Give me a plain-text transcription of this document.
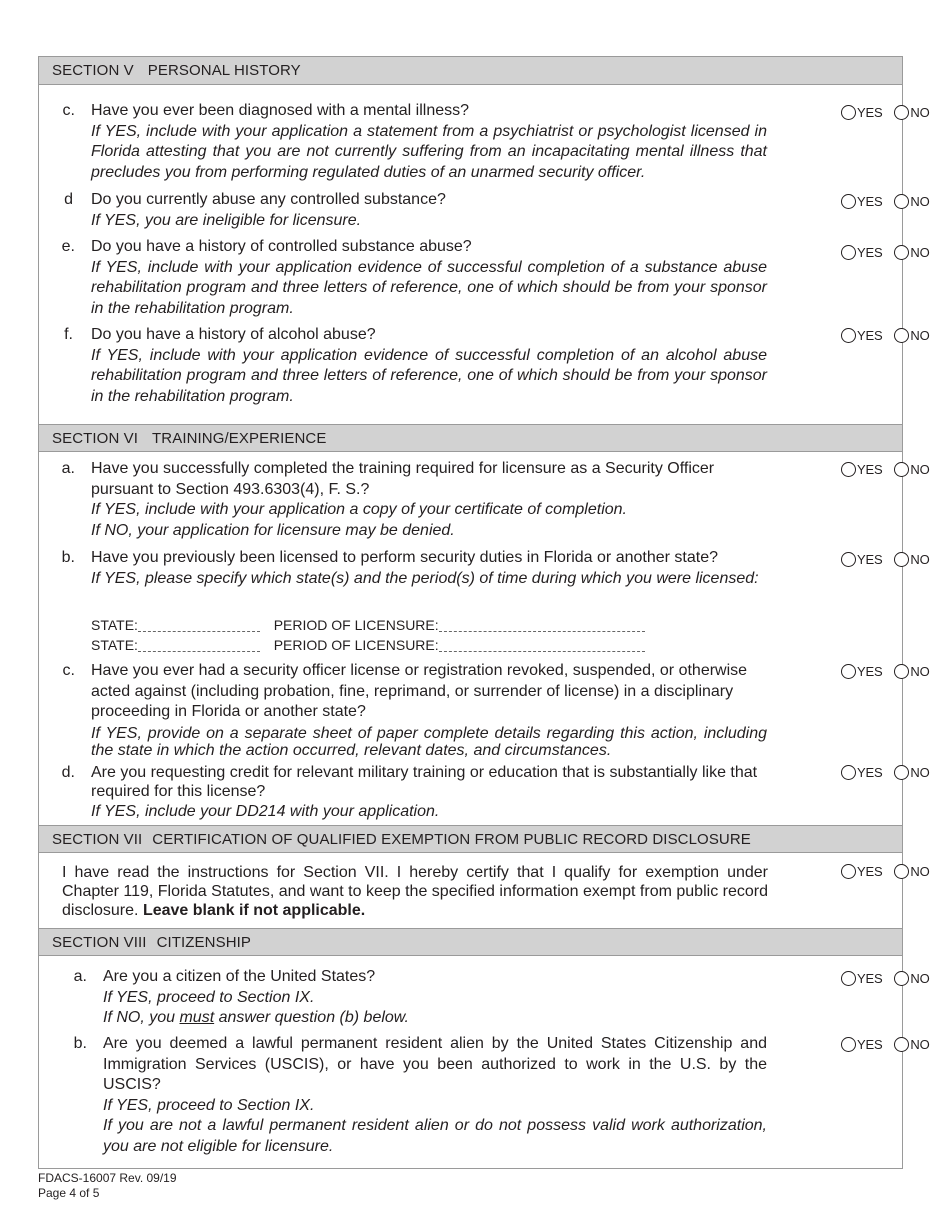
SECTION V PERSONAL HISTORY
c. Have you ever been diagnosed with a mental illness?
If YES, include with your application a statement from a psychiatrist or psychologist licensed in Florida attesting that you are not currently suffering from an incapacitating mental illness that precludes you from performing regulated duties of an unarmed security officer.
YES NO
d Do you currently abuse any controlled substance?
If YES, you are ineligible for licensure.
YES NO
e. Do you have a history of controlled substance abuse?
If YES, include with your application evidence of successful completion of a substance abuse rehabilitation program and three letters of reference, one of which should be from your sponsor in the rehabilitation program.
YES NO
f. Do you have a history of alcohol abuse?
If YES, include with your application evidence of successful completion of an alcohol abuse rehabilitation program and three letters of reference, one of which should be from your sponsor in the rehabilitation program.
YES NO
SECTION VI TRAINING/EXPERIENCE
a. Have you successfully completed the training required for licensure as a Security Officer pursuant to Section 493.6303(4), F. S.?
If YES, include with your application a copy of your certificate of completion.
If NO, your application for licensure may be denied.
YES NO
b. Have you previously been licensed to perform security duties in Florida or another state?
If YES, please specify which state(s) and the period(s) of time during which you were licensed:
YES NO
STATE:	PERIOD OF LICENSURE:
STATE:	PERIOD OF LICENSURE:
c. Have you ever had a security officer license or registration revoked, suspended, or otherwise acted against (including probation, fine, reprimand, or surrender of license) in a disciplinary proceeding in Florida or another state?
If YES, provide on a separate sheet of paper complete details regarding this action, including the state in which the action occurred, relevant dates, and circumstances.
YES NO
d. Are you requesting credit for relevant military training or education that is substantially like that required for this license?
If YES, include your DD214 with your application.
YES NO
SECTION VII CERTIFICATION OF QUALIFIED EXEMPTION FROM PUBLIC RECORD DISCLOSURE
I have read the instructions for Section VII. I hereby certify that I qualify for exemption under Chapter 119, Florida Statutes, and want to keep the specified information exempt from public record disclosure. Leave blank if not applicable.
YES NO
SECTION VIII CITIZENSHIP
a. Are you a citizen of the United States?
If YES, proceed to Section IX.
If NO, you must answer question (b) below.
YES NO
b. Are you deemed a lawful permanent resident alien by the United States Citizenship and Immigration Services (USCIS), or have you been authorized to work in the U.S. by the USCIS?
If YES, proceed to Section IX.
If you are not a lawful permanent resident alien or do not possess valid work authorization, you are not eligible for licensure.
YES NO
FDACS-16007 Rev. 09/19
Page 4 of 5
